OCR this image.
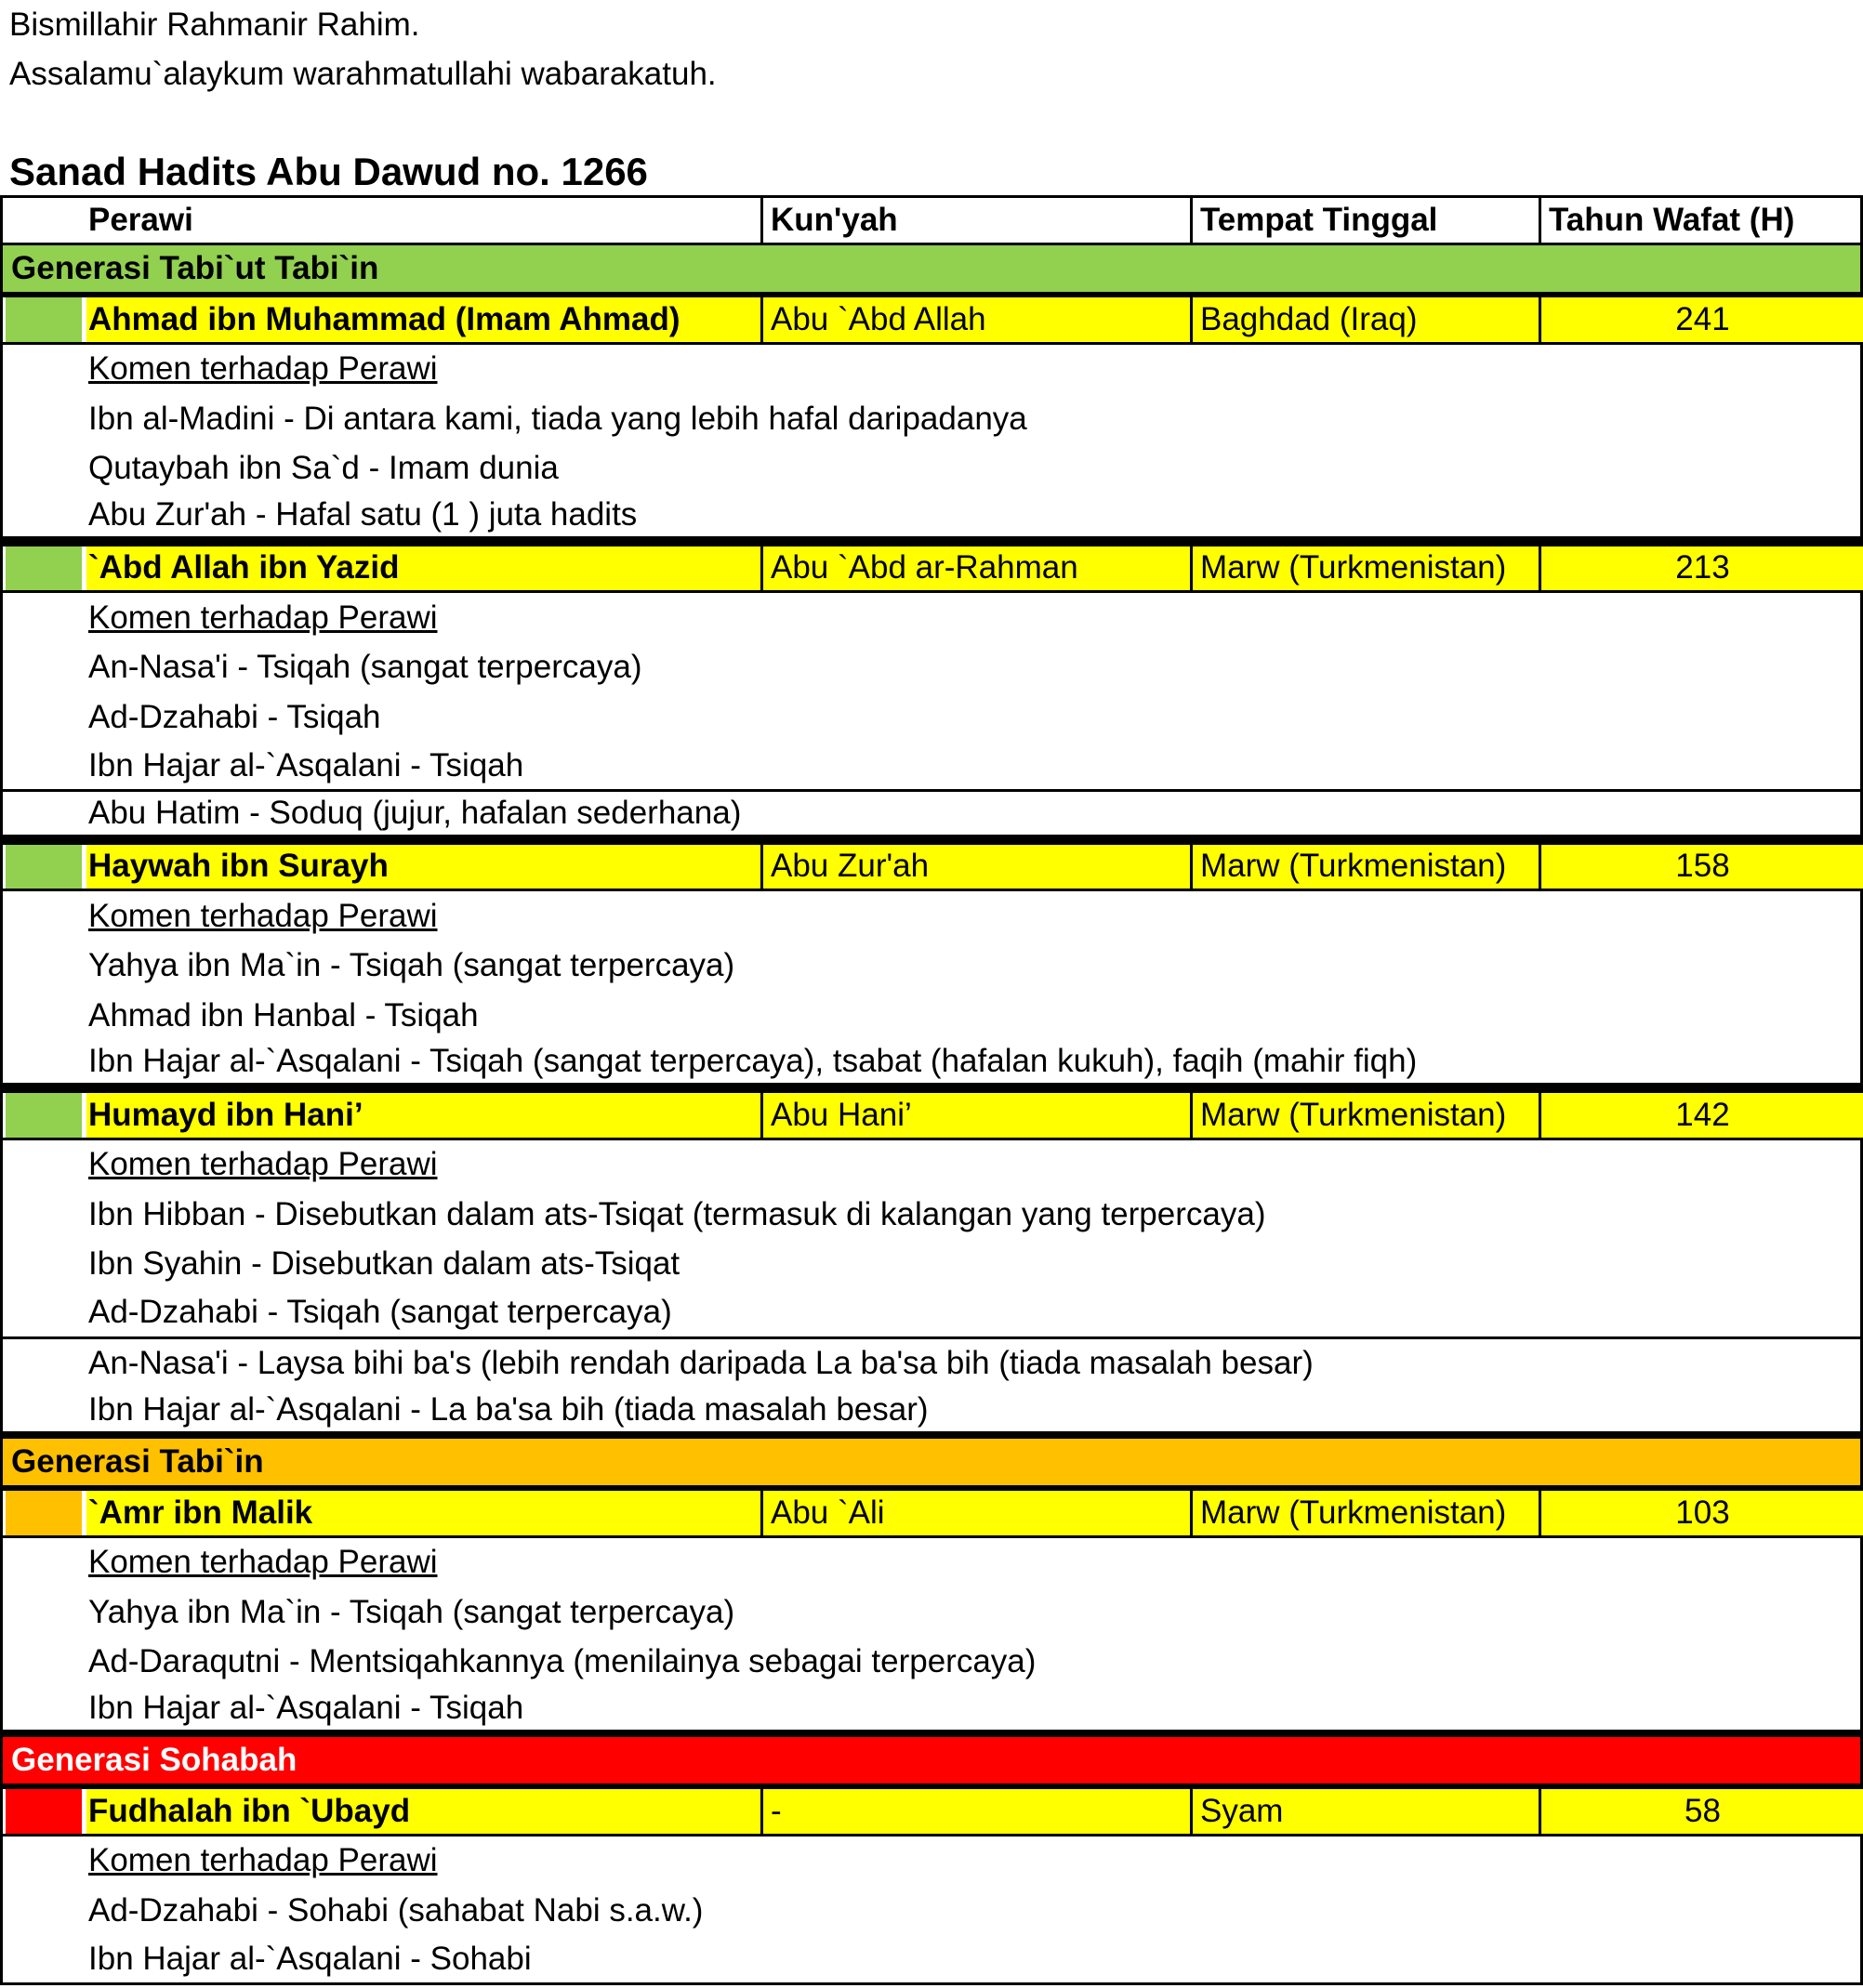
Bismillahir Rahmanir Rahim.
Assalamu`alaykum warahmatullahi wabarakatuh.
Sanad Hadits Abu Dawud no. 1266
Perawi	Kun'yah	Tempat Tinggal	Tahun Wafat (H)
Generasi Tabi`ut Tabi`in
Ahmad ibn Muhammad (Imam Ahmad)	Abu `Abd Allah	Baghdad (Iraq)	241
Komen terhadap Perawi
Ibn al-Madini - Di antara kami, tiada yang lebih hafal daripadanya
Qutaybah ibn Sa`d - Imam dunia
Abu Zur'ah - Hafal satu (1 ) juta hadits
`Abd Allah ibn Yazid	Abu `Abd ar-Rahman	Marw (Turkmenistan)	213
Komen terhadap Perawi
An-Nasa'i - Tsiqah (sangat terpercaya)
Ad-Dzahabi - Tsiqah
Ibn Hajar al-`Asqalani - Tsiqah
Abu Hatim - Soduq (jujur, hafalan sederhana)
Haywah ibn Surayh	Abu Zur'ah	Marw (Turkmenistan)	158
Komen terhadap Perawi
Yahya ibn Ma`in - Tsiqah (sangat terpercaya)
Ahmad ibn Hanbal - Tsiqah
Ibn Hajar al-`Asqalani - Tsiqah (sangat terpercaya), tsabat (hafalan kukuh), faqih (mahir fiqh)
Humayd ibn Hani’	Abu Hani’	Marw (Turkmenistan)	142
Komen terhadap Perawi
Ibn Hibban - Disebutkan dalam ats-Tsiqat (termasuk di kalangan yang terpercaya)
Ibn Syahin - Disebutkan dalam ats-Tsiqat
Ad-Dzahabi - Tsiqah (sangat terpercaya)
An-Nasa'i - Laysa bihi ba's (lebih rendah daripada La ba'sa bih (tiada masalah besar)
Ibn Hajar al-`Asqalani - La ba'sa bih (tiada masalah besar)
Generasi Tabi`in
`Amr ibn Malik	Abu `Ali	Marw (Turkmenistan)	103
Komen terhadap Perawi
Yahya ibn Ma`in - Tsiqah (sangat terpercaya)
Ad-Daraqutni - Mentsiqahkannya (menilainya sebagai terpercaya)
Ibn Hajar al-`Asqalani - Tsiqah
Generasi Sohabah
Fudhalah ibn `Ubayd	-	Syam	58
Komen terhadap Perawi
Ad-Dzahabi - Sohabi (sahabat Nabi s.a.w.)
Ibn Hajar al-`Asqalani - Sohabi
